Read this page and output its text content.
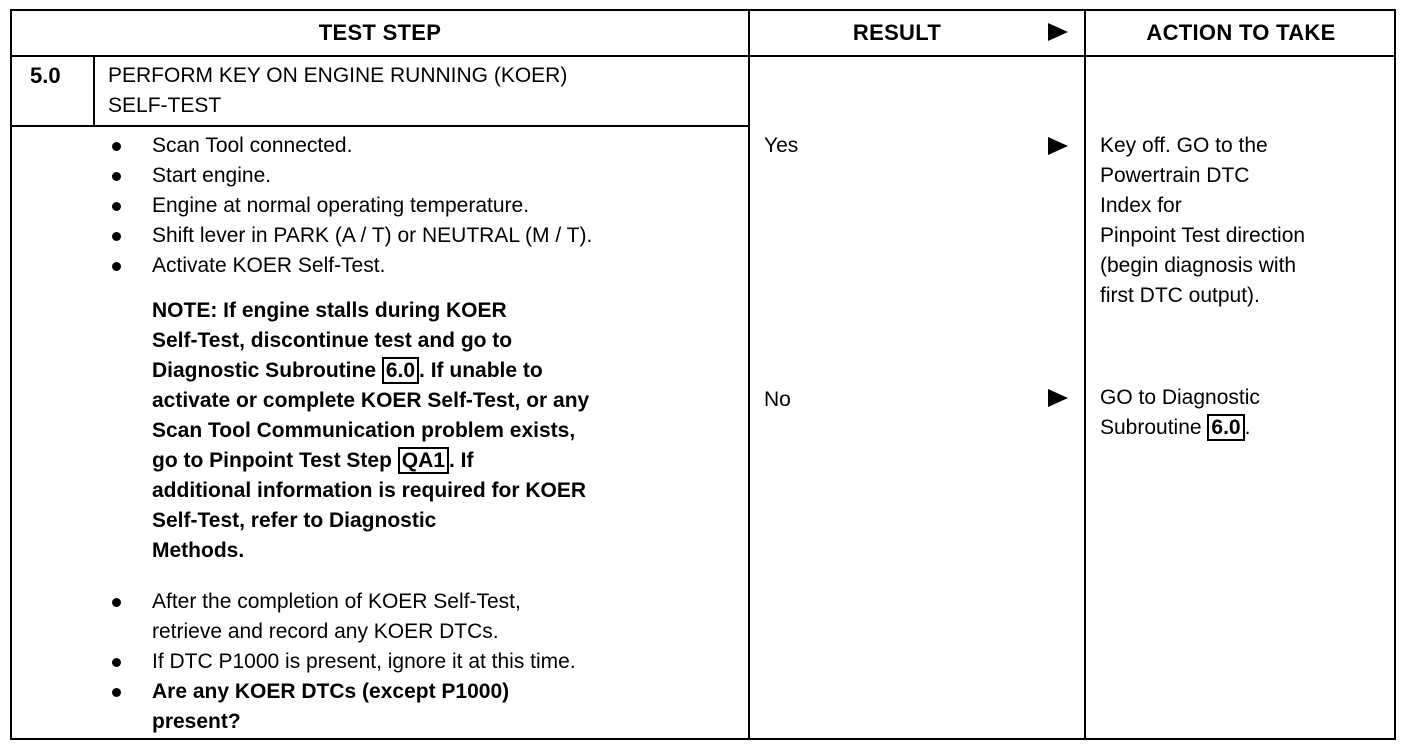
TEST STEP	RESULT	ACTION TO TAKE
5.0 PERFORM KEY ON ENGINE RUNNING (KOER)
SELF-TEST
Scan Tool connected.
Start engine.
Engine at normal operating temperature.
Shift lever in PARK (A / T) or NEUTRAL (M / T).
Activate KOER Self-Test.
NOTE: If engine stalls during KOER
Self-Test, discontinue test and go to
Diagnostic Subroutine 6.0 . If unable to
activate or complete KOER Self-Test, or any
Scan Tool Communication problem exists,
go to Pinpoint Test Step QA1 . If
additional information is required for KOER
Self-Test, refer to Diagnostic
Methods.
After the completion of KOER Self-Test,
retrieve and record any KOER DTCs.
If DTC P1000 is present, ignore it at this time.
Are any KOER DTCs (except P1000)
present?
Yes
No
Key off. GO to the
Powertrain DTC
Index for
Pinpoint Test direction
(begin diagnosis with
first DTC output).
GO to Diagnostic
Subroutine 6.0 .
